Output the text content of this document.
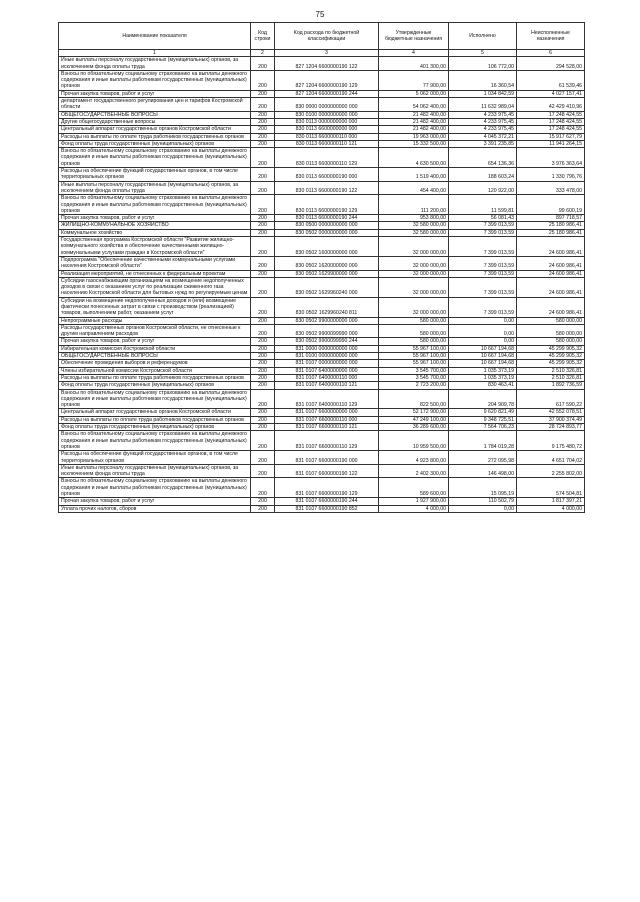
75
Наименование показателя	Код строки	Код расхода по бюджетной классификации	Утвержденные бюджетные назначения	Исполнено	Неисполненные назначения
1	2	3	4	5	6
Иные выплаты персоналу государственных (муниципальных) органов, за исключением фонда оплаты труда	200	827 1204 6600000190 122	401 300,00	106 772,00	294 528,00
Взносы по обязательному социальному страхованию на выплаты денежного содержания и иные выплаты работникам государственных (муниципальных) органов	200	827 1204 6600000190 129	77 900,00	16 360,54	61 539,46
Прочая закупка товаров, работ и услуг	200	827 1204 6600000190 244	5 062 000,00	1 034 842,59	4 027 157,41
департамент государственного регулирования цен и тарифов Костромской области	200	830 0000 0000000000 000	54 062 400,00	11 632 989,04	42 429 410,96
ОБЩЕГОСУДАРСТВЕННЫЕ ВОПРОСЫ	200	830 0100 0000000000 000	21 482 400,00	4 233 975,45	17 248 424,55
Другие общегосударственные вопросы	200	830 0113 0000000000 000	21 482 400,00	4 233 975,45	17 248 424,55
Центральный аппарат государственных органов Костромской области	200	830 0113 6600000000 000	21 482 400,00	4 233 975,45	17 248 424,55
Расходы на выплаты по оплате труда работников государственных органов	200	830 0113 6600000110 000	19 963 000,00	4 045 372,21	15 917 627,79
Фонд оплаты труда государственных (муниципальных) органов	200	830 0113 6600000110 121	15 332 500,00	3 391 235,85	11 941 264,15
Взносы по обязательному социальному страхованию на выплаты денежного содержания и иные выплаты работникам государственных (муниципальных) органов	200	830 0113 6600000110 129	4 630 500,00	654 136,36	3 976 363,64
Расходы на обеспечение функций государственных органов, в том числе территориальных органов	200	830 0113 6600000190 000	1 519 400,00	188 603,24	1 330 796,76
Иные выплаты персоналу государственных (муниципальных) органов, за исключением фонда оплаты труда	200	830 0113 6600000190 122	454 400,00	120 922,00	333 478,00
Взносы по обязательному социальному страхованию на выплаты денежного содержания и иные выплаты работникам государственных (муниципальных) органов	200	830 0113 6600000190 129	111 200,00	11 599,81	99 600,19
Прочая закупка товаров, работ и услуг	200	830 0113 6600000190 244	953 800,00	56 081,43	897 718,57
ЖИЛИЩНО-КОММУНАЛЬНОЕ ХОЗЯЙСТВО	200	830 0500 0000000000 000	32 580 000,00	7 399 013,59	25 180 986,41
Коммунальное хозяйство	200	830 0502 0000000000 000	32 580 000,00	7 399 013,59	25 180 986,41
Государственная программа Костромской области "Развитие жилищно-коммунального хозяйства и обеспечение качественными жилищно-коммунальными услугами граждан в Костромской области"	200	830 0502 1600000000 000	32 000 000,00	7 399 013,59	24 600 986,41
Подпрограмма "Обеспечение качественными коммунальными услугами населения Костромской области"	200	830 0502 1620000000 000	32 000 000,00	7 399 013,59	24 600 986,41
Реализация мероприятий, не отнесенных к федеральным проектам	200	830 0502 1629900000 000	32 000 000,00	7 399 013,59	24 600 986,41
Субсидии газоснабжающим организациям на возмещение недополученных доходов в связи с оказанием услуг по реализации сжиженного газа населению Костромской области для бытовых нужд по регулируемым ценам	200	830 0502 1629960240 000	32 000 000,00	7 399 013,59	24 600 986,41
Субсидии на возмещение недополученных доходов и (или) возмещение фактически понесенных затрат в связи с производством (реализацией) товаров, выполнением работ, оказанием услуг	200	830 0502 1629960240 811	32 000 000,00	7 399 013,59	24 600 986,41
Непрограммные расходы	200	830 0502 9900000000 000	580 000,00	0,00	580 000,00
Расходы государственных органов Костромской области, не отнесенные к другим направлениям расходов	200	830 0502 9900099990 000	580 000,00	0,00	580 000,00
Прочая закупка товаров, работ и услуг	200	830 0502 9900099990 244	580 000,00	0,00	580 000,00
Избирательная комиссия Костромской области	200	831 0000 0000000000 000	55 967 100,00	10 667 194,68	45 299 905,32
ОБЩЕГОСУДАРСТВЕННЫЕ ВОПРОСЫ	200	831 0100 0000000000 000	55 967 100,00	10 667 194,68	45 299 905,32
Обеспечение проведения выборов и референдумов	200	831 0107 0000000000 000	55 967 100,00	10 667 194,68	45 299 905,32
Члены избирательной комиссии Костромской области	200	831 0107 6400000000 000	3 545 700,00	1 035 373,19	2 510 326,81
Расходы на выплаты по оплате труда работников государственных органов	200	831 0107 6400000110 000	3 545 700,00	1 035 373,19	2 510 326,81
Фонд оплаты труда государственных (муниципальных) органов	200	831 0107 6400000110 121	2 723 200,00	830 463,41	1 892 736,59
Взносы по обязательному социальному страхованию на выплаты денежного содержания и иные выплаты работникам государственных (муниципальных) органов	200	831 0107 6400000110 129	822 500,00	204 909,78	617 590,22
Центральный аппарат государственных органов Костромской области	200	831 0107 6600000000 000	52 172 900,00	9 620 821,49	42 552 078,51
Расходы на выплаты по оплате труда работников государственных органов	200	831 0107 6600000110 000	47 249 100,00	9 348 725,51	37 900 374,49
Фонд оплаты труда государственных (муниципальных) органов	200	831 0107 6600000110 121	36 289 600,00	7 564 706,23	28 724 893,77
Взносы по обязательному социальному страхованию на выплаты денежного содержания и иные выплаты работникам государственных (муниципальных) органов	200	831 0107 6600000110 129	10 959 500,00	1 784 019,28	9 175 480,72
Расходы на обеспечение функций государственных органов, в том числе территориальных органов	200	831 0107 6600000190 000	4 923 800,00	272 095,98	4 651 704,02
Иные выплаты персоналу государственных (муниципальных) органов, за исключением фонда оплаты труда	200	831 0107 6600000190 122	2 402 300,00	146 498,00	2 255 802,00
Взносы по обязательному социальному страхованию на выплаты денежного содержания и иные выплаты работникам государственных (муниципальных) органов	200	831 0107 6600000190 129	589 600,00	15 095,19	574 504,81
Прочая закупка товаров, работ и услуг	200	831 0107 6600000190 244	1 927 900,00	110 502,79	1 817 397,21
Уплата прочих налогов, сборов	200	831 0107 6600000190 852	4 000,00	0,00	4 000,00
